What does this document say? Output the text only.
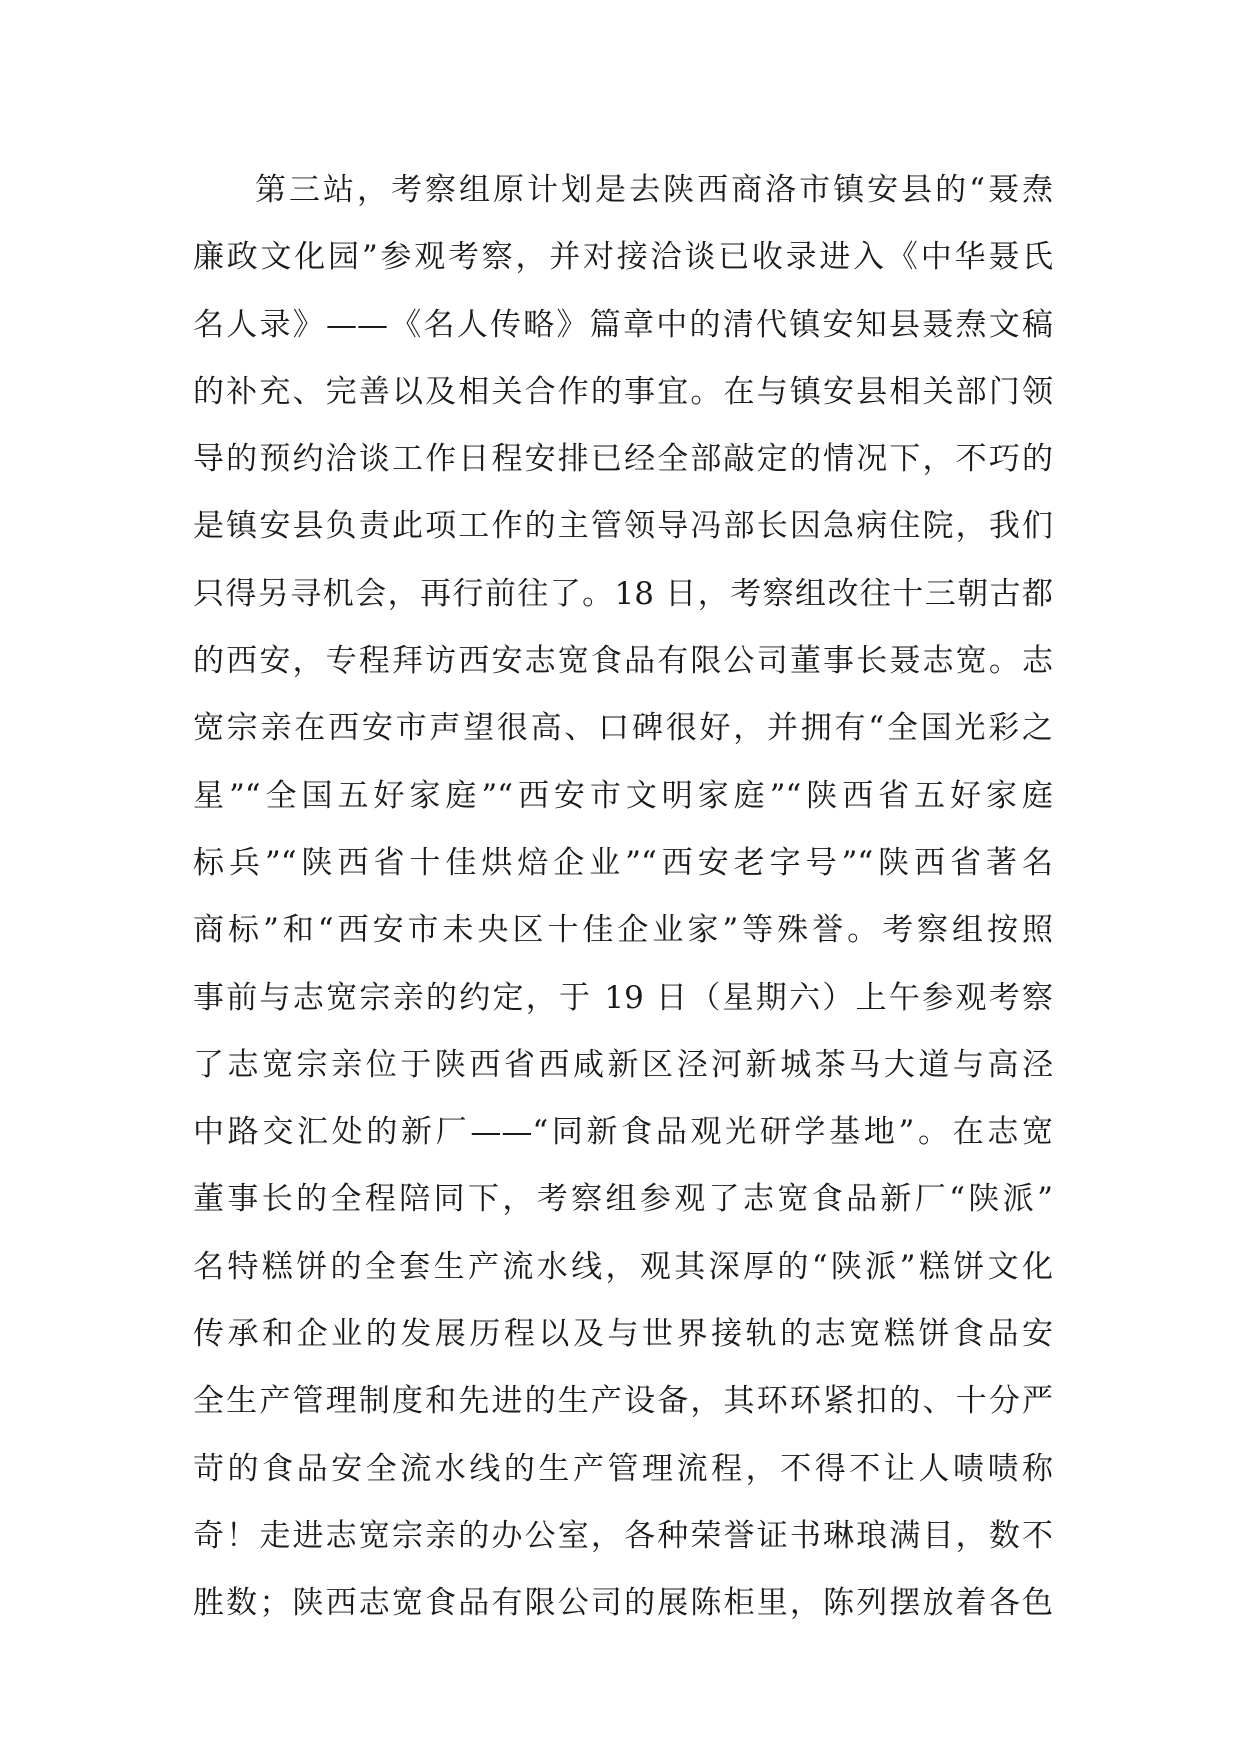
第三站，考察组原计划是去陕西商洛市镇安县的“聂焘
廉政文化园”参观考察，并对接洽谈已收录进入《中华聂氏
名人录》——《名人传略》篇章中的清代镇安知县聂焘文稿
的补充、完善以及相关合作的事宜。在与镇安县相关部门领
导的预约洽谈工作日程安排已经全部敲定的情况下，不巧的
是镇安县负责此项工作的主管领导冯部长因急病住院，我们
只得另寻机会，再行前往了。18 日，考察组改往十三朝古都
的西安，专程拜访西安志宽食品有限公司董事长聂志宽。志
宽宗亲在西安市声望很高、口碑很好，并拥有“全国光彩之
星”“全国五好家庭”“西安市文明家庭”“陕西省五好家庭
标兵”“陕西省十佳烘焙企业”“西安老字号”“陕西省著名
商标”和“西安市未央区十佳企业家”等殊誉。考察组按照
事前与志宽宗亲的约定，于 19 日（星期六）上午参观考察
了志宽宗亲位于陕西省西咸新区泾河新城茶马大道与高泾
中路交汇处的新厂——“同新食品观光研学基地”。在志宽
董事长的全程陪同下，考察组参观了志宽食品新厂“陕派”
名特糕饼的全套生产流水线，观其深厚的“陕派”糕饼文化
传承和企业的发展历程以及与世界接轨的志宽糕饼食品安
全生产管理制度和先进的生产设备，其环环紧扣的、十分严
苛的食品安全流水线的生产管理流程，不得不让人啧啧称
奇！走进志宽宗亲的办公室，各种荣誉证书琳琅满目，数不
胜数；陕西志宽食品有限公司的展陈柜里，陈列摆放着各色
